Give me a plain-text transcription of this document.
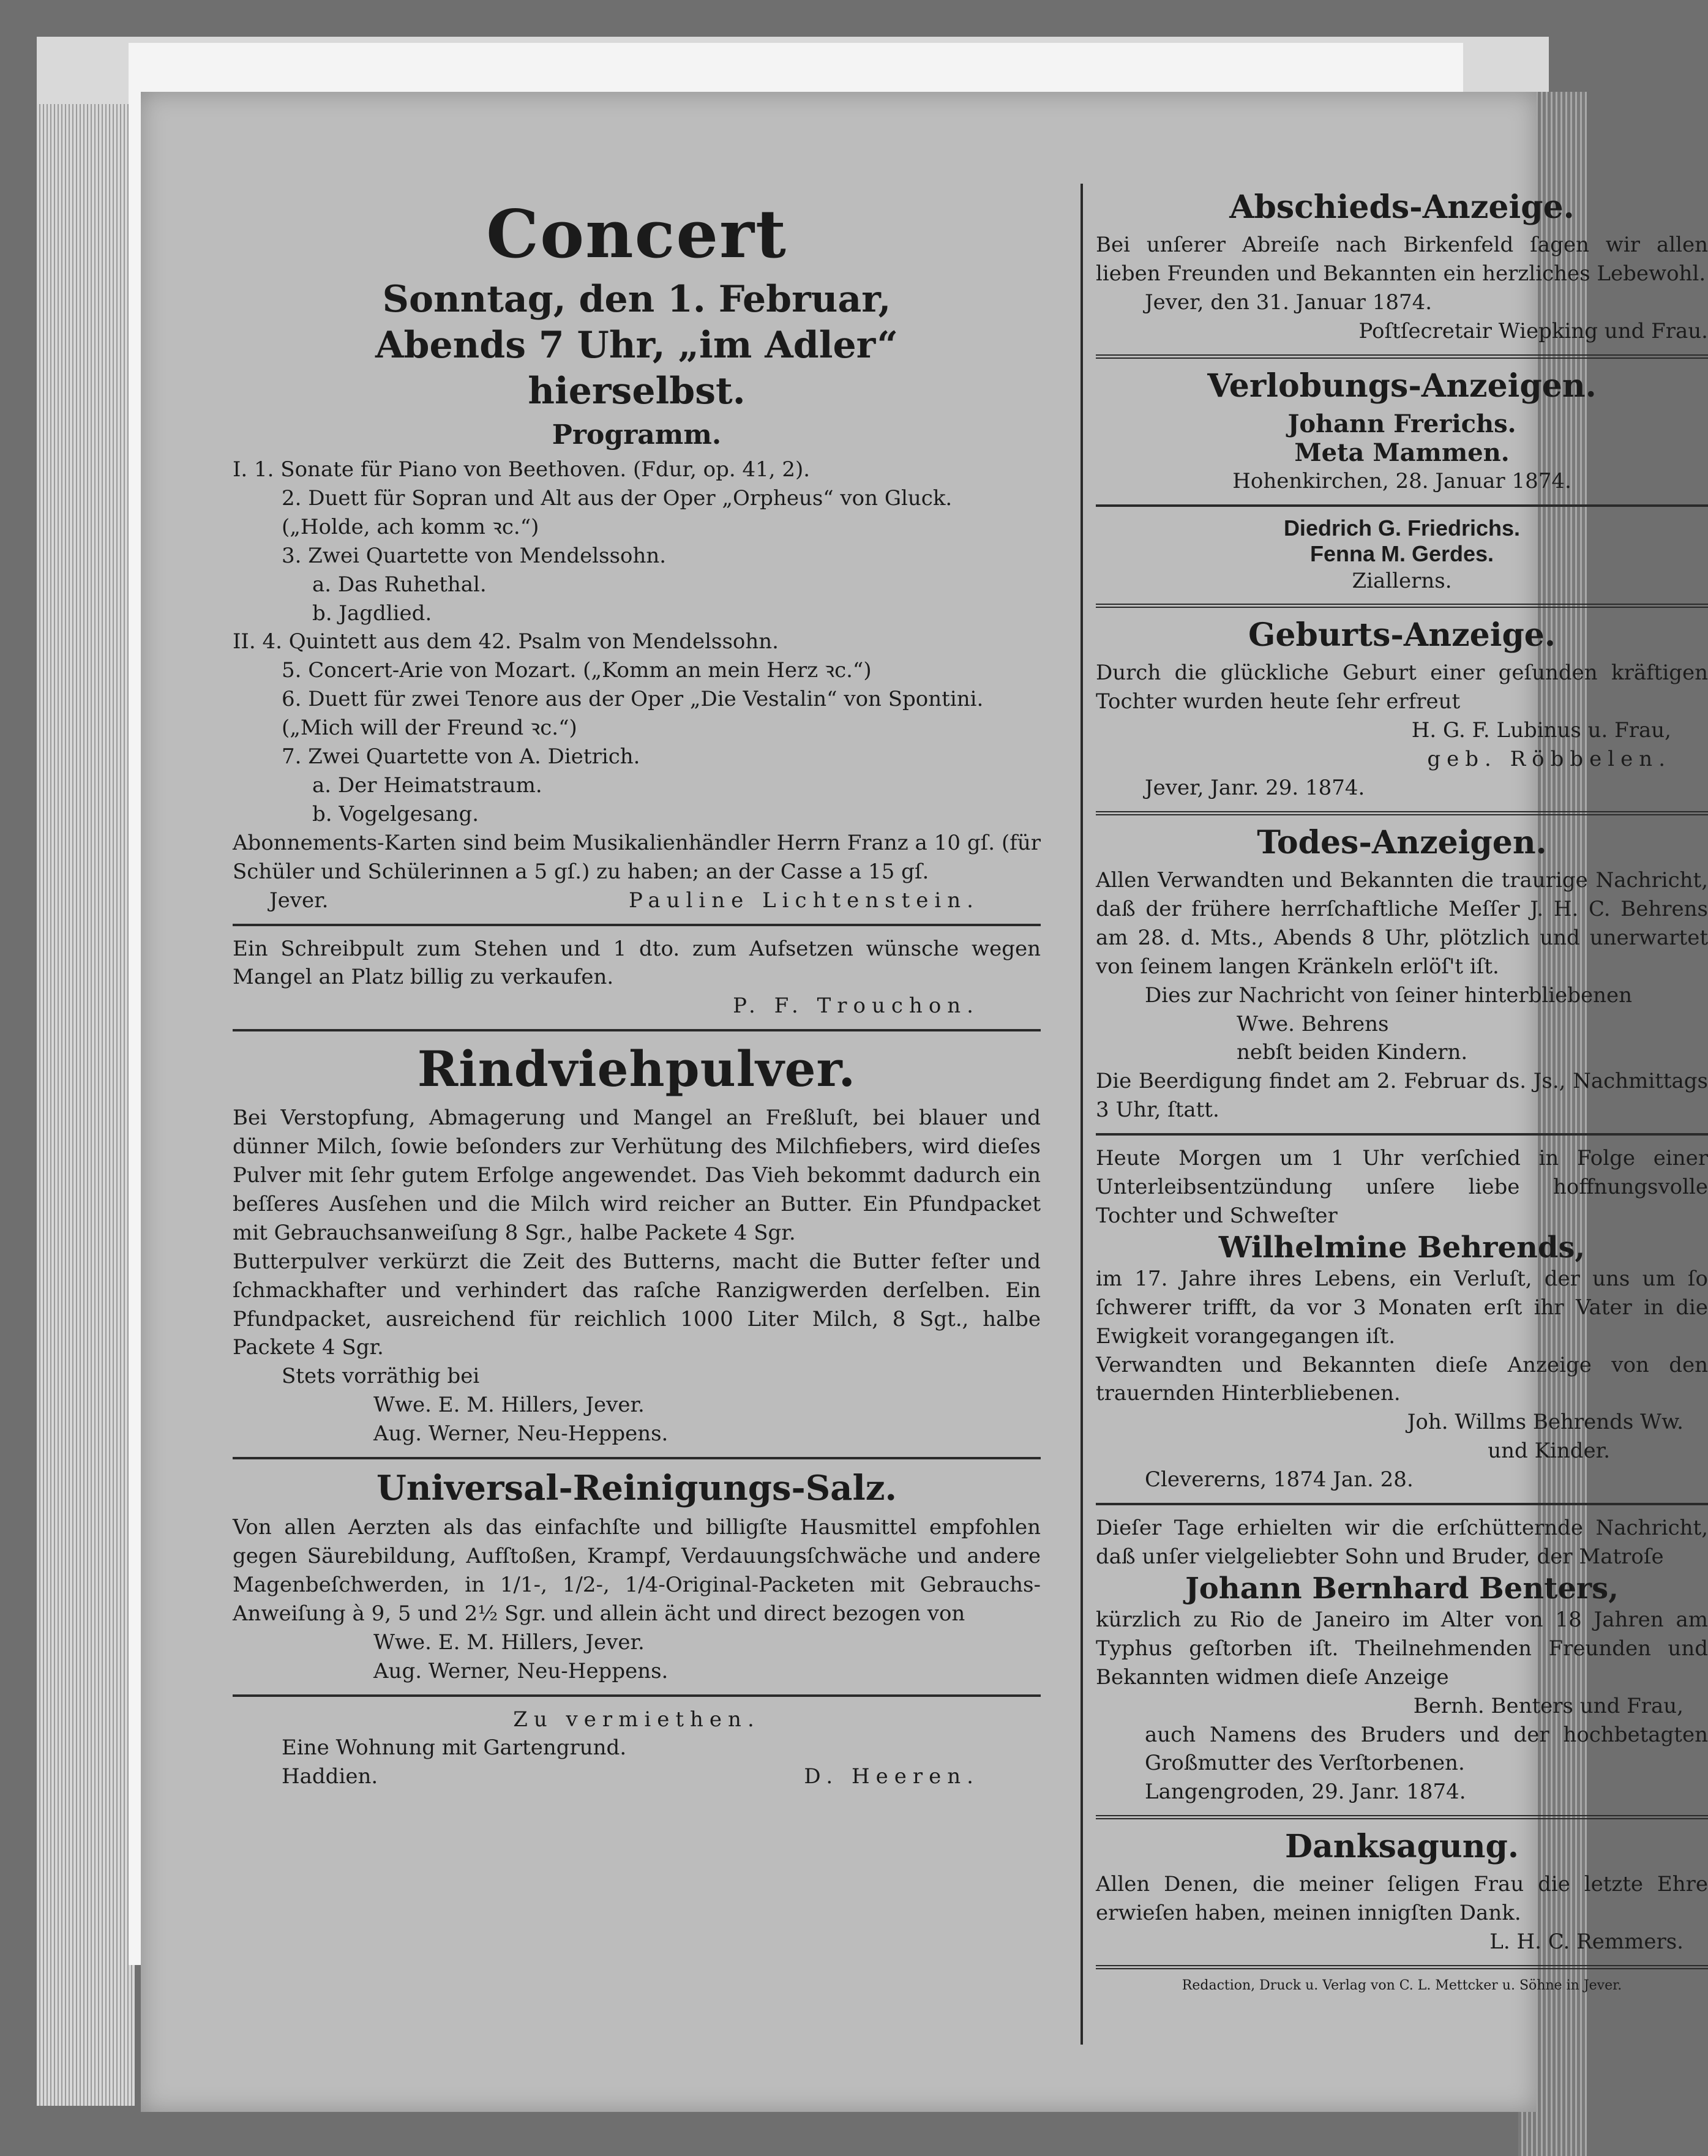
Concert
Sonntag, den 1. Februar,
Abends 7 Uhr, „im Adler“
hierselbst.
Programm.
I. 1. Sonate für Piano von Beethoven. (Fdur, op. 41, 2).
2. Duett für Sopran und Alt aus der Oper „Orpheus“ von Gluck. („Holde, ach komm ꝛc.“)
3. Zwei Quartette von Mendelssohn.
a. Das Ruhethal.
b. Jagdlied.
II. 4. Quintett aus dem 42. Psalm von Mendelssohn.
5. Concert-Arie von Mozart. („Komm an mein Herz ꝛc.“)
6. Duett für zwei Tenore aus der Oper „Die Vestalin“ von Spontini. („Mich will der Freund ꝛc.“)
7. Zwei Quartette von A. Dietrich.
a. Der Heimatstraum.
b. Vogelgesang.
Abonnements-Karten sind beim Musikalienhändler Herrn Franz a 10 gſ. (für Schüler und Schülerinnen a 5 gſ.) zu haben; an der Casse a 15 gſ.
Jever.	Pauline Lichtenstein.
Ein Schreibpult zum Stehen und 1 dto. zum Aufsetzen wünsche wegen Mangel an Platz billig zu verkaufen.
P. F. Trouchon.
Rindviehpulver.
Bei Verstopfung, Abmagerung und Mangel an Freßluſt, bei blauer und dünner Milch, ſowie beſonders zur Verhütung des Milchfiebers, wird dieſes Pulver mit ſehr gutem Erfolge angewendet. Das Vieh bekommt dadurch ein beſſeres Ausſehen und die Milch wird reicher an Butter. Ein Pfundpacket mit Gebrauchsanweiſung 8 Sgr., halbe Packete 4 Sgr.
Butterpulver verkürzt die Zeit des Butterns, macht die Butter feſter und ſchmackhafter und verhindert das raſche Ranzigwerden derſelben. Ein Pfundpacket, ausreichend für reichlich 1000 Liter Milch, 8 Sgt., halbe Packete 4 Sgr.
Stets vorräthig bei
Wwe. E. M. Hillers, Jever.
Aug. Werner, Neu-Heppens.
Universal-Reinigungs-Salz.
Von allen Aerzten als das einfachſte und billigſte Hausmittel empfohlen gegen Säurebildung, Aufſtoßen, Krampf, Verdauungsſchwäche und andere Magenbeſchwerden, in 1/1-, 1/2-, 1/4-Original-Packeten mit Gebrauchs-Anweiſung à 9, 5 und 2½ Sgr. und allein ächt und direct bezogen von
Wwe. E. M. Hillers, Jever.
Aug. Werner, Neu-Heppens.
Zu vermiethen.
Eine Wohnung mit Gartengrund.
Haddien.	D. Heeren.
Abschieds-Anzeige.
Bei unſerer Abreiſe nach Birkenfeld ſagen wir allen lieben Freunden und Bekannten ein herzliches Lebewohl.
Jever, den 31. Januar 1874.
Poſtſecretair Wiepking und Frau.
Verlobungs-Anzeigen.
Johann Frerichs.
Meta Mammen.
Hohenkirchen, 28. Januar 1874.
Diedrich G. Friedrichs.
Fenna M. Gerdes.
Ziallerns.
Geburts-Anzeige.
Durch die glückliche Geburt einer geſunden kräftigen Tochter wurden heute ſehr erfreut
H. G. F. Lubinus u. Frau,
geb. Röbbelen.
Jever, Janr. 29. 1874.
Todes-Anzeigen.
Allen Verwandten und Bekannten die traurige Nachricht, daß der frühere herrſchaftliche Meſſer J. H. C. Behrens am 28. d. Mts., Abends 8 Uhr, plötzlich und unerwartet von ſeinem langen Kränkeln erlöſ't iſt.
Dies zur Nachricht von ſeiner hinterbliebenen
Wwe. Behrens
nebſt beiden Kindern.
Die Beerdigung findet am 2. Februar ds. Js., Nachmittags 3 Uhr, ſtatt.
Heute Morgen um 1 Uhr verſchied in Folge einer Unterleibsentzündung unſere liebe hoffnungsvolle Tochter und Schweſter
Wilhelmine Behrends,
im 17. Jahre ihres Lebens, ein Verluſt, der uns um ſo ſchwerer trifft, da vor 3 Monaten erſt ihr Vater in die Ewigkeit vorangegangen iſt.
Verwandten und Bekannten dieſe Anzeige von den trauernden Hinterbliebenen.
Joh. Willms Behrends Ww.
und Kinder.
Clevererns, 1874 Jan. 28.
Dieſer Tage erhielten wir die erſchütternde Nachricht, daß unſer vielgeliebter Sohn und Bruder, der Matroſe
Johann Bernhard Benters,
kürzlich zu Rio de Janeiro im Alter von 18 Jahren am Typhus geſtorben iſt. Theilnehmenden Freunden und Bekannten widmen dieſe Anzeige
Bernh. Benters und Frau,
auch Namens des Bruders und der hochbetagten Großmutter des Verſtorbenen.
Langengroden, 29. Janr. 1874.
Danksagung.
Allen Denen, die meiner ſeligen Frau die letzte Ehre erwieſen haben, meinen innigſten Dank.
L. H. C. Remmers.
Redaction, Druck u. Verlag von C. L. Mettcker u. Söhne in Jever.
